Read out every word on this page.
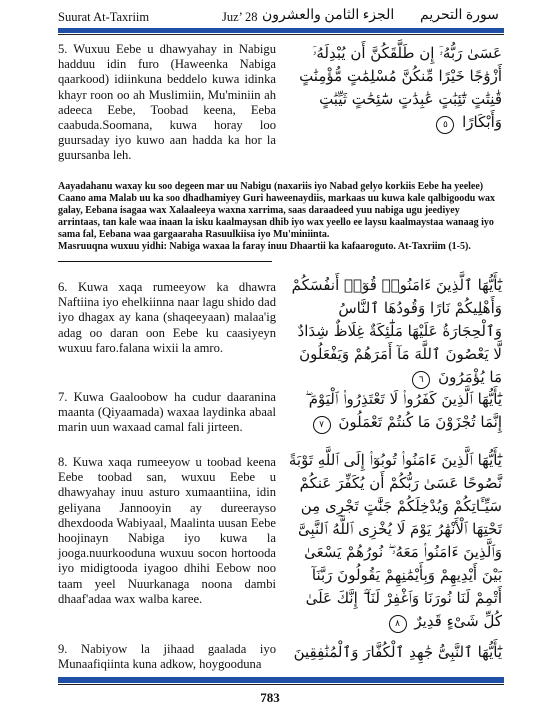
Suurat At-Taxriim	Juz’ 28 الجزء الثامن والعشرون سورة التحريم
5. Wuxuu Eebe u dhawyahay in Nabigu hadduu idin furo (Haweenka Nabiga qaarkood) idiinkuna beddelo kuwa idinka khayr roon oo ah Muslimiin, Mu'miniin ah adeeca Eebe, Toobad keena, Eeba caabuda.Soomana, kuwa horay loo guursaday iyo kuwo aan hadda ka hor la guursanba leh.
عَسَىٰ رَبُّهُۥٓ إِن طَلَّقَكُنَّ أَن يُبْدِلَهُۥٓ أَزْوَٰجًا خَيْرًا مِّنكُنَّ مُسْلِمَٰتٍ مُّؤْمِنَٰتٍ قَٰنِتَٰتٍ تَٰٓئِبَٰتٍ عَٰبِدَٰتٍ سَٰٓئِحَٰتٍ ثَيِّبَٰتٍ وَأَبْكَارًا ٥

Aayadahanu waxay ku soo degeen mar uu Nabigu (naxariis iyo Nabad gelyo korkiis Eebe ha yeelee) Caano ama Malab uu ka soo dhadhamiyey Guri haweenaydiis, markaas uu kuwa kale qalbigoodu wax galay, Eebana isagaa wax Xalaaleeya waxna xarrima, saas daraadeed yuu nabiga ugu jeediyey arrintaas, tan kale waa inaan la isku kaalmaysan dhib iyo wax yeello ee laysu kaalmaystaa wanaag iyo sama fal, Eebana waa gargaaraha Rasuulkiisa iyo Mu'miniinta.

Masruuqna wuxuu yidhi: Nabiga waxaa la faray inuu Dhaartii ka kafaaroguto. At-Taxriim (1-5).

6. Kuwa xaqa rumeeyow ka dhawra Naftiina iyo ehelkiinna naar lagu shido dad iyo dhagax ay kana (shaqeeyaan) malaa'ig adag oo daran oon Eebe ku caasiyeyn wuxuu faro.falana wixii la amro.
يَٰٓأَيُّهَا ٱلَّذِينَ ءَامَنُوا۟ قُوٓا۟ أَنفُسَكُمْ وَأَهْلِيكُمْ نَارًا وَقُودُهَا ٱلنَّاسُ وَٱلْحِجَارَةُ عَلَيْهَا مَلَٰٓئِكَةٌ غِلَاظٌ شِدَادٌ لَّا يَعْصُونَ ٱللَّهَ مَآ أَمَرَهُمْ وَيَفْعَلُونَ مَا يُؤْمَرُونَ ٦
7. Kuwa Gaaloobow ha cudur daaranina maanta (Qiyaamada) waxaa laydinka abaal marin uun waxaad camal fali jirteen.
يَٰٓأَيُّهَا ٱلَّذِينَ كَفَرُوا۟ لَا تَعْتَذِرُوا۟ ٱلْيَوْمَ ۖ إِنَّمَا تُجْزَوْنَ مَا كُنتُمْ تَعْمَلُونَ ٧
8. Kuwa xaqa rumeeyow u toobad keena Eebe toobad san, wuxuu Eebe u dhawyahay inuu asturo xumaantiina, idin geliyana Jannooyin ay dureerayso dhexdooda Wabiyaal, Maalinta uusan Eebe hoojinayn Nabiga iyo kuwa la jooga.nuurkooduna wuxuu socon hortooda iyo midigtooda iyagoo dhihi Eebow noo taam yeel Nuurkanaga noona dambi dhaaf'adaa wax walba karee.
يَٰٓأَيُّهَا ٱلَّذِينَ ءَامَنُوا۟ تُوبُوٓا۟ إِلَى ٱللَّهِ تَوْبَةً نَّصُوحًا عَسَىٰ رَبُّكُمْ أَن يُكَفِّرَ عَنكُمْ سَيِّـَٔاتِكُمْ وَيُدْخِلَكُمْ جَنَّٰتٍ تَجْرِى مِن تَحْتِهَا ٱلْأَنْهَٰرُ يَوْمَ لَا يُخْزِى ٱللَّهُ ٱلنَّبِىَّ وَٱلَّذِينَ ءَامَنُوا۟ مَعَهُۥ ۖ نُورُهُمْ يَسْعَىٰ بَيْنَ أَيْدِيهِمْ وَبِأَيْمَٰنِهِمْ يَقُولُونَ رَبَّنَآ أَتْمِمْ لَنَا نُورَنَا وَٱغْفِرْ لَنَآ ۖ إِنَّكَ عَلَىٰ كُلِّ شَىْءٍ قَدِيرٌ ٨
9. Nabiyow la jihaad gaalada iyo Munaafiqiinta kuna adkow, hoygooduna
يَٰٓأَيُّهَا ٱلنَّبِىُّ جَٰهِدِ ٱلْكُفَّارَ وَٱلْمُنَٰفِقِينَ
783
